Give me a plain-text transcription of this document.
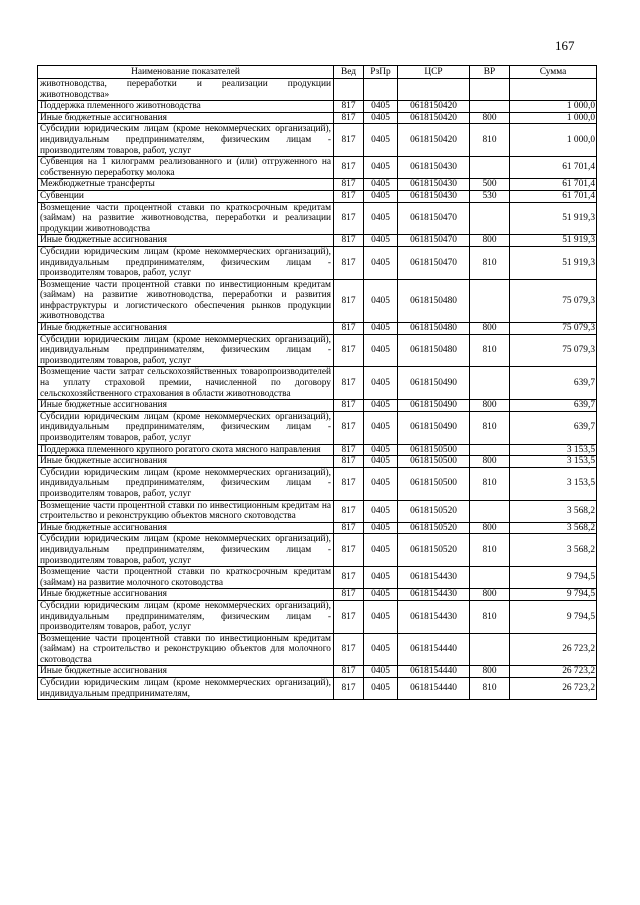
167
Наименование показателей	Вед	РзПр	ЦСР	ВР	Сумма
животноводства, переработки и реализации продукции животноводства»					
Поддержка племенного животноводства	817	0405	0618150420		1 000,0
Иные бюджетные ассигнования	817	0405	0618150420	800	1 000,0
Субсидии юридическим лицам (кроме некоммерческих организаций), индивидуальным предпринимателям, физическим лицам - производителям товаров, работ, услуг	817	0405	0618150420	810	1 000,0
Субвенция на 1 килограмм реализованного и (или) отгруженного на собственную переработку молока	817	0405	0618150430		61 701,4
Межбюджетные трансферты	817	0405	0618150430	500	61 701,4
Субвенции	817	0405	0618150430	530	61 701,4
Возмещение части процентной ставки по краткосрочным кредитам (займам) на развитие животноводства, переработки и реализации продукции животноводства	817	0405	0618150470		51 919,3
Иные бюджетные ассигнования	817	0405	0618150470	800	51 919,3
Субсидии юридическим лицам (кроме некоммерческих организаций), индивидуальным предпринимателям, физическим лицам - производителям товаров, работ, услуг	817	0405	0618150470	810	51 919,3
Возмещение части процентной ставки по инвестиционным кредитам (займам) на развитие животноводства, переработки и развития инфраструктуры и логистического обеспечения рынков продукции животноводства	817	0405	0618150480		75 079,3
Иные бюджетные ассигнования	817	0405	0618150480	800	75 079,3
Субсидии юридическим лицам (кроме некоммерческих организаций), индивидуальным предпринимателям, физическим лицам - производителям товаров, работ, услуг	817	0405	0618150480	810	75 079,3
Возмещение части затрат сельскохозяйственных товаропроизводителей на уплату страховой премии, начисленной по договору сельскохозяйственного страхования в области животноводства	817	0405	0618150490		639,7
Иные бюджетные ассигнования	817	0405	0618150490	800	639,7
Субсидии юридическим лицам (кроме некоммерческих организаций), индивидуальным предпринимателям, физическим лицам - производителям товаров, работ, услуг	817	0405	0618150490	810	639,7
Поддержка племенного крупного рогатого скота мясного направления	817	0405	0618150500		3 153,5
Иные бюджетные ассигнования	817	0405	0618150500	800	3 153,5
Субсидии юридическим лицам (кроме некоммерческих организаций), индивидуальным предпринимателям, физическим лицам - производителям товаров, работ, услуг	817	0405	0618150500	810	3 153,5
Возмещение части процентной ставки по инвестиционным кредитам на строительство и реконструкцию объектов мясного скотоводства	817	0405	0618150520		3 568,2
Иные бюджетные ассигнования	817	0405	0618150520	800	3 568,2
Субсидии юридическим лицам (кроме некоммерческих организаций), индивидуальным предпринимателям, физическим лицам - производителям товаров, работ, услуг	817	0405	0618150520	810	3 568,2
Возмещение части процентной ставки по краткосрочным кредитам (займам) на развитие молочного скотоводства	817	0405	0618154430		9 794,5
Иные бюджетные ассигнования	817	0405	0618154430	800	9 794,5
Субсидии юридическим лицам (кроме некоммерческих организаций), индивидуальным предпринимателям, физическим лицам - производителям товаров, работ, услуг	817	0405	0618154430	810	9 794,5
Возмещение части процентной ставки по инвестиционным кредитам (займам) на строительство и реконструкцию объектов для молочного скотоводства	817	0405	0618154440		26 723,2
Иные бюджетные ассигнования	817	0405	0618154440	800	26 723,2
Субсидии юридическим лицам (кроме некоммерческих организаций), индивидуальным предпринимателям,	817	0405	0618154440	810	26 723,2
